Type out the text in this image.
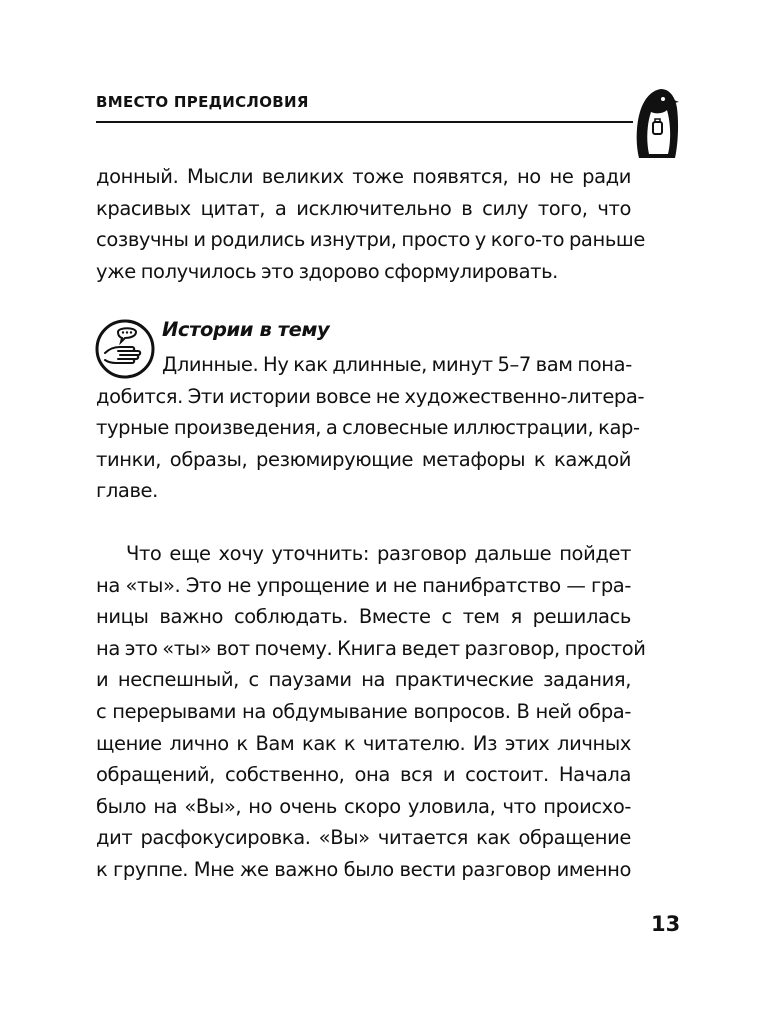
ВМЕСТО ПРЕДИСЛОВИЯ
донный. Мысли великих тоже появятся, но не ради
красивых цитат, а исключительно в силу того, что
созвучны и родились изнутри, просто у кого-то раньше
уже получилось это здорово сформулировать.
Истории в тему
Длинные. Ну как длинные, минут 5–7 вам пона-
добится. Эти истории вовсе не художественно-литера-
турные произведения, а словесные иллюстрации, кар-
тинки, образы, резюмирующие метафоры к каждой
главе.
Что еще хочу уточнить: разговор дальше пойдет
на «ты». Это не упрощение и не панибратство — гра-
ницы важно соблюдать. Вместе с тем я решилась
на это «ты» вот почему. Книга ведет разговор, простой
и неспешный, с паузами на практические задания,
с перерывами на обдумывание вопросов. В ней обра-
щение лично к Вам как к читателю. Из этих личных
обращений, собственно, она вся и состоит. Начала
было на «Вы», но очень скоро уловила, что происхо-
дит расфокусировка. «Вы» читается как обращение
к группе. Мне же важно было вести разговор именно
13
